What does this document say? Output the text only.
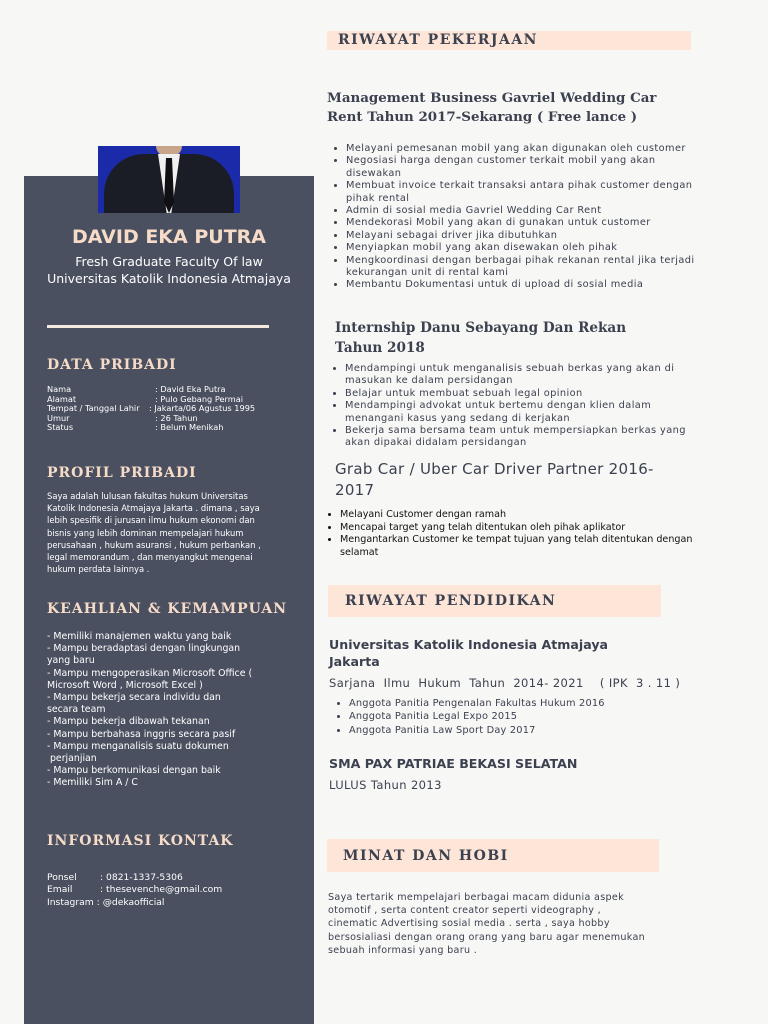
DAVID EKA PUTRA
Fresh Graduate Faculty Of law
Universitas Katolik Indonesia Atmajaya
DATA PRIBADI
Nama	: David Eka Putra
Alamat	: Pulo Gebang Permai
Tempat / Tanggal Lahir	: Jakarta/06 Agustus 1995
Umur	: 26 Tahun
Status	: Belum Menikah
PROFIL PRIBADI
Saya adalah lulusan fakultas hukum Universitas Katolik Indonesia Atmajaya Jakarta . dimana , saya lebih spesifik di jurusan ilmu hukum ekonomi dan bisnis yang lebih dominan mempelajari hukum perusahaan , hukum asuransi , hukum perbankan , legal memorandum , dan menyangkut mengenai hukum perdata lainnya .
KEAHLIAN & KEMAMPUAN
- Memiliki manajemen waktu yang baik
- Mampu beradaptasi dengan lingkungan
yang baru
- Mampu mengoperasikan Microsoft Office (
Microsoft Word , Microsoft Excel )
- Mampu bekerja secara individu dan
secara team
- Mampu bekerja dibawah tekanan
- Mampu berbahasa inggris secara pasif
- Mampu menganalisis suatu dokumen
perjanjian
- Mampu berkomunikasi dengan baik
- Memiliki Sim A / C
INFORMASI KONTAK
Ponsel	: 0821-1337-5306
Email	: thesevenche@gmail.com
Instagram
: @dekaofficial
RIWAYAT PEKERJAAN
Management Business Gavriel Wedding Car
Rent Tahun 2017-Sekarang ( Free lance )
• Melayani pemesanan mobil yang akan digunakan oleh customer
• Negosiasi harga dengan customer terkait mobil yang akan disewakan
• Membuat invoice terkait transaksi antara pihak customer dengan pihak rental
• Admin di sosial media Gavriel Wedding Car Rent
• Mendekorasi Mobil yang akan di gunakan untuk customer
• Melayani sebagai driver jika dibutuhkan
• Menyiapkan mobil yang akan disewakan oleh pihak
• Mengkoordinasi dengan berbagai pihak rekanan rental jika terjadi kekurangan unit di rental kami
• Membantu Dokumentasi untuk di upload di sosial media
Internship Danu Sebayang Dan Rekan
Tahun 2018
• Mendampingi untuk menganalisis sebuah berkas yang akan di masukan ke dalam persidangan
• Belajar untuk membuat sebuah legal opinion
• Mendampingi advokat untuk bertemu dengan klien dalam menangani kasus yang sedang di kerjakan
• Bekerja sama bersama team untuk mempersiapkan berkas yang akan dipakai didalam persidangan
Grab Car / Uber Car Driver Partner 2016-
2017
• Melayani Customer dengan ramah
• Mencapai target yang telah ditentukan oleh pihak aplikator
• Mengantarkan Customer ke tempat tujuan yang telah ditentukan dengan selamat
RIWAYAT PENDIDIKAN
Universitas Katolik Indonesia Atmajaya
Jakarta
Sarjana  Ilmu  Hukum  Tahun  2014- 2021    ( IPK  3 . 11 )
• Anggota Panitia Pengenalan Fakultas Hukum 2016
• Anggota Panitia Legal Expo 2015
• Anggota Panitia Law Sport Day 2017
SMA PAX PATRIAE BEKASI SELATAN
LULUS Tahun 2013
MINAT DAN HOBI
Saya tertarik mempelajari berbagai macam didunia aspek otomotif , serta content creator seperti videography , cinematic Advertising sosial media . serta , saya hobby bersosialiasi dengan orang orang yang baru agar menemukan sebuah informasi yang baru .
